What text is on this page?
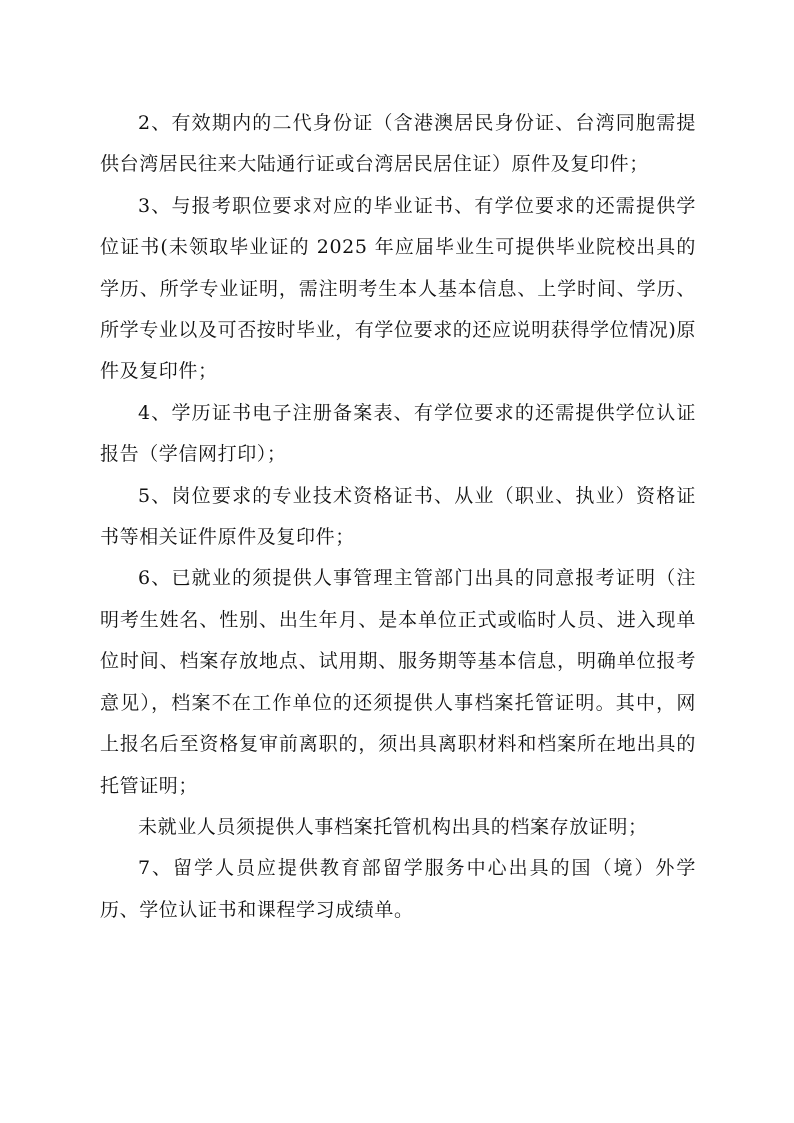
2、有效期内的二代身份证（含港澳居民身份证、台湾同胞需提供台湾居民往来大陆通行证或台湾居民居住证）原件及复印件；

3、与报考职位要求对应的毕业证书、有学位要求的还需提供学位证书(未领取毕业证的 2025 年应届毕业生可提供毕业院校出具的学历、所学专业证明，需注明考生本人基本信息、上学时间、学历、所学专业以及可否按时毕业，有学位要求的还应说明获得学位情况)原件及复印件；

4、学历证书电子注册备案表、有学位要求的还需提供学位认证报告（学信网打印）；

5、岗位要求的专业技术资格证书、从业（职业、执业）资格证书等相关证件原件及复印件；

6、已就业的须提供人事管理主管部门出具的同意报考证明（注明考生姓名、性别、出生年月、是本单位正式或临时人员、进入现单位时间、档案存放地点、试用期、服务期等基本信息，明确单位报考意见），档案不在工作单位的还须提供人事档案托管证明。其中，网上报名后至资格复审前离职的，须出具离职材料和档案所在地出具的托管证明；

未就业人员须提供人事档案托管机构出具的档案存放证明；

7、留学人员应提供教育部留学服务中心出具的国（境）外学历、学位认证书和课程学习成绩单。
